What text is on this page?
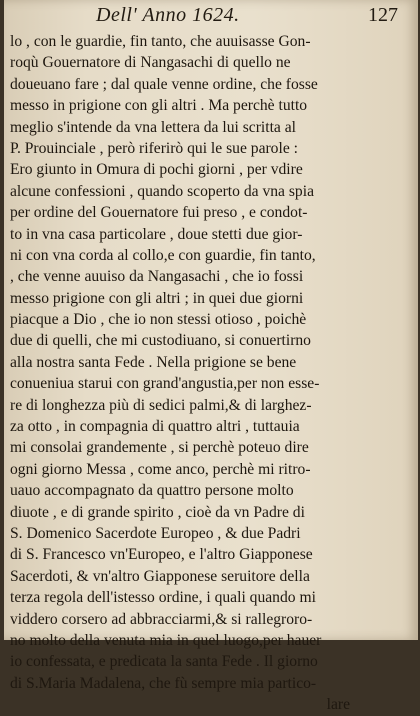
Dell' Anno 1624.	127
lo , con le guardie, fin tanto, che auuisasse Gon-
roqù Gouernatore di Nangasachi di quello ne
doueuano fare ; dal quale venne ordine, che fosse
messo in prigione con gli altri . Ma perchè tutto
meglio s'intende da vna lettera da lui scritta al
P. Prouinciale , però riferirò qui le sue parole :
Ero giunto in Omura di pochi giorni , per vdire
alcune confessioni , quando scoperto da vna spia
per ordine del Gouernatore fui preso , e condot-
to in vna casa particolare , doue stetti due gior-
ni con vna corda al collo,e con guardie, fin tanto,
, che venne auuiso da Nangasachi , che io fossi
messo prigione con gli altri ; in quei due giorni
piacque a Dio , che io non stessi otioso , poichè
due di quelli, che mi custodiuano, si conuertirno
alla nostra santa Fede . Nella prigione se bene
conueniua starui con grand'angustia,per non esse-
re di longhezza più di sedici palmi,& di larghez-
za otto , in compagnia di quattro altri , tuttauia
mi consolai grandemente , si perchè poteuo dire
ogni giorno Messa , come anco, perchè mi ritro-
uauo accompagnato da quattro persone molto
diuote , e di grande spirito , cioè da vn Padre di
S. Domenico Sacerdote Europeo , & due Padri
di S. Francesco vn'Europeo, e l'altro Giapponese
Sacerdoti, & vn'altro Giapponese seruitore della
terza regola dell'istesso ordine, i quali quando mi
viddero corsero ad abbracciarmi,& si rallegroro-
no molto della venuta mia in quel luogo,per hauer
io confessata, e predicata la santa Fede . Il giorno
di S.Maria Madalena, che fù sempre mia partico-
lare
